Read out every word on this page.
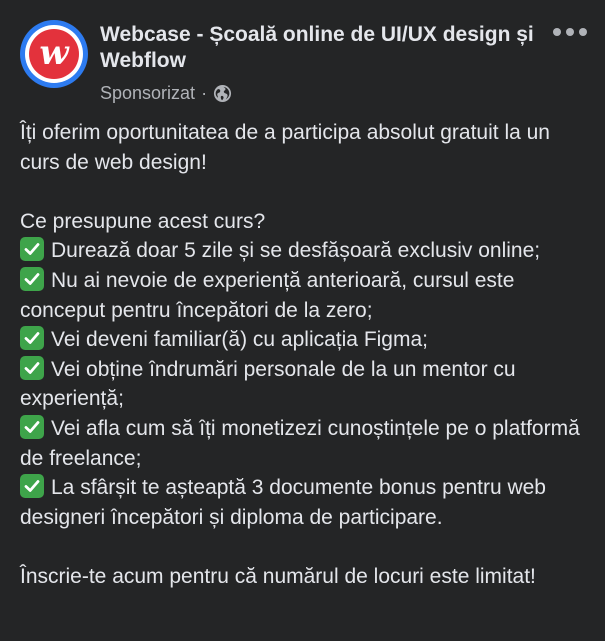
w Webcase - Școală online de UI/UX design și Webflow
Sponsorizat ·
Îți oferim oportunitatea de a participa absolut gratuit la un curs de web design!
Ce presupune acest curs?
Durează doar 5 zile și se desfășoară exclusiv online;
Nu ai nevoie de experiență anterioară, cursul este conceput pentru începători de la zero;
Vei deveni familiar(ă) cu aplicația Figma;
Vei obține îndrumări personale de la un mentor cu experiență;
Vei afla cum să îți monetizezi cunoștințele pe o platformă de freelance;
La sfârșit te așteaptă 3 documente bonus pentru web designeri începători și diploma de participare.
Înscrie-te acum pentru că numărul de locuri este limitat!
